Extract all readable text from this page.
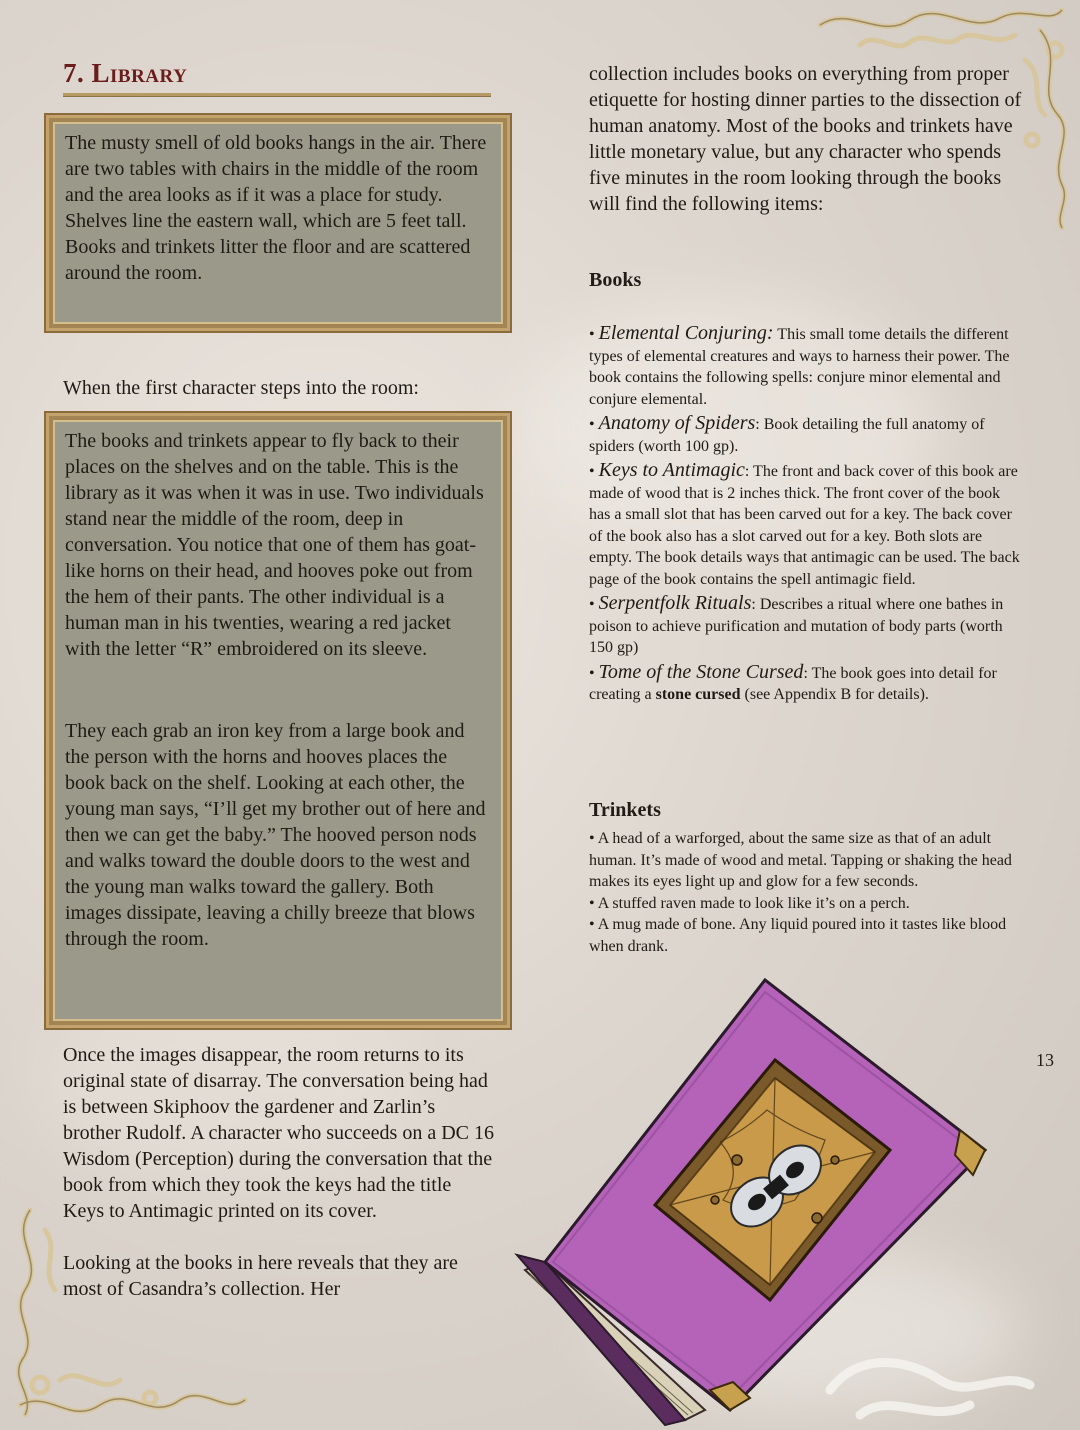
7. Library

The musty smell of old books hangs in the air. There are two tables with chairs in the middle of the room and the area looks as if it was a place for study. Shelves line the eastern wall, which are 5 feet tall. Books and trinkets litter the floor and are scattered around the room.

When the first character steps into the room:

The books and trinkets appear to fly back to their places on the shelves and on the table. This is the library as it was when it was in use. Two individuals stand near the middle of the room, deep in conversation. You notice that one of them has goat-like horns on their head, and hooves poke out from the hem of their pants. The other individual is a human man in his twenties, wearing a red jacket with the letter “R” embroidered on its sleeve.

They each grab an iron key from a large book and the person with the horns and hooves places the book back on the shelf. Looking at each other, the young man says, “I’ll get my brother out of here and then we can get the baby.” The hooved person nods and walks toward the double doors to the west and the young man walks toward the gallery. Both images dissipate, leaving a chilly breeze that blows through the room.

Once the images disappear, the room returns to its original state of disarray. The conversation being had is between Skiphoov the gardener and Zarlin’s brother Rudolf. A character who succeeds on a DC 16 Wisdom (Perception) during the conversation that the book from which they took the keys had the title Keys to Antimagic printed on its cover.

Looking at the books in here reveals that they are most of Casandra’s collection. Her

collection includes books on everything from proper etiquette for hosting dinner parties to the dissection of human anatomy. Most of the books and trinkets have little monetary value, but any character who spends five minutes in the room looking through the books will find the following items:

Books

• Elemental Conjuring: This small tome details the different types of elemental creatures and ways to harness their power. The book contains the following spells: conjure minor elemental and conjure elemental.

• Anatomy of Spiders: Book detailing the full anatomy of spiders (worth 100 gp).

• Keys to Antimagic: The front and back cover of this book are made of wood that is 2 inches thick. The front cover of the book has a small slot that has been carved out for a key. The back cover of the book also has a slot carved out for a key. Both slots are empty. The book details ways that antimagic can be used. The back page of the book contains the spell antimagic field.

• Serpentfolk Rituals: Describes a ritual where one bathes in poison to achieve purification and mutation of body parts (worth 150 gp)

• Tome of the Stone Cursed: The book goes into detail for creating a stone cursed (see Appendix B for details).

Trinkets

• A head of a warforged, about the same size as that of an adult human. It’s made of wood and metal. Tapping or shaking the head makes its eyes light up and glow for a few seconds.

• A stuffed raven made to look like it’s on a perch.

• A mug made of bone. Any liquid poured into it tastes like blood when drank.

13
